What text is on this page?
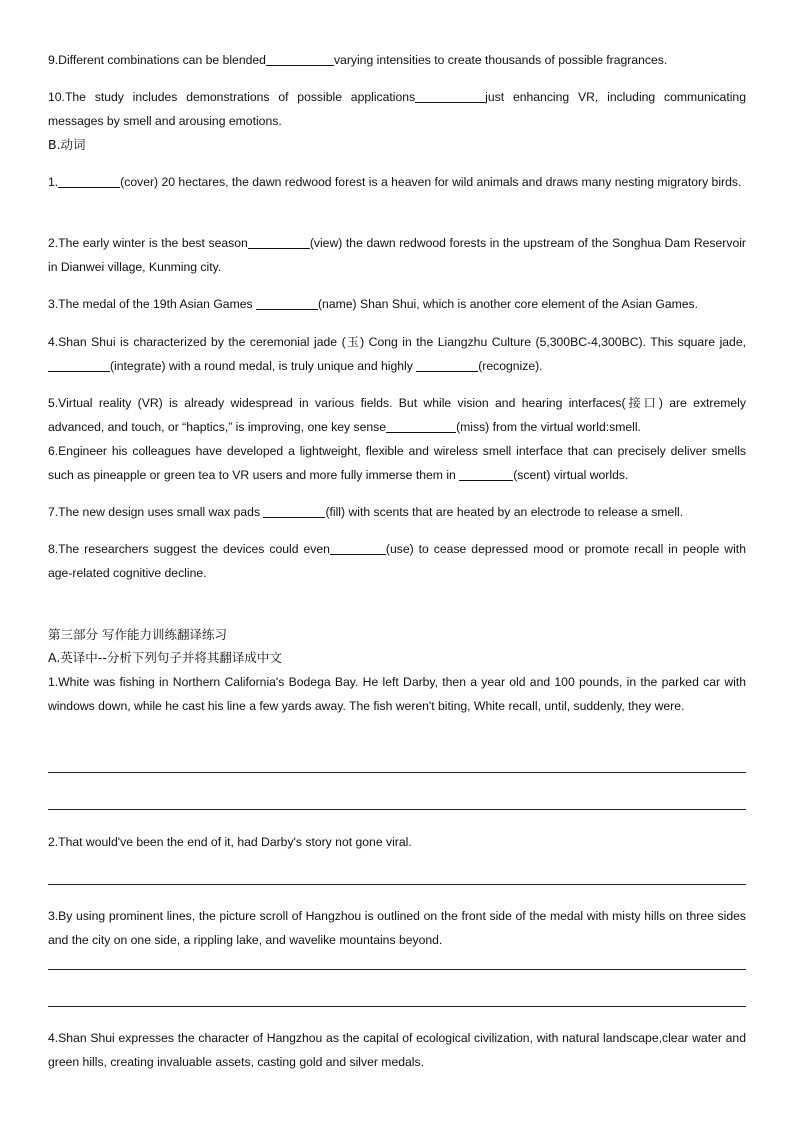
9.Different combinations can be blended	varying intensities to create thousands of possible fragrances.
10.The study includes demonstrations of possible applications	just enhancing VR, including communicating messages by smell and arousing emotions.
B.动词
1.	(cover) 20 hectares, the dawn redwood forest is a heaven for wild animals and draws many nesting migratory birds.
2.The early winter is the best season	(view) the dawn redwood forests in the upstream of the Songhua Dam Reservoir in Dianwei village, Kunming city.
3.The medal of the 19th Asian Games	(name) Shan Shui, which is another core element of the Asian Games.
4.Shan Shui is characterized by the ceremonial jade (玉) Cong in the Liangzhu Culture (5,300BC-4,300BC). This square jade, (integrate) with a round medal, is truly unique and highly	(recognize).
5.Virtual reality (VR) is already widespread in various fields. But while vision and hearing interfaces(接口) are extremely advanced, and touch, or “haptics,” is improving, one key sense	(miss) from the virtual world:smell.
6.Engineer his colleagues have developed a lightweight, flexible and wireless smell interface that can precisely deliver smells such as pineapple or green tea to VR users and more fully immerse them in	(scent) virtual worlds.
7.The new design uses small wax pads	(fill) with scents that are heated by an electrode to release a smell.
8.The researchers suggest the devices could even	(use) to cease depressed mood or promote recall in people with age-related cognitive decline.
第三部分 写作能力训练翻译练习
A.英译中--分析下列句子并将其翻译成中文
1.White was fishing in Northern California's Bodega Bay. He left Darby, then a year old and 100 pounds, in the parked car with windows down, while he cast his line a few yards away. The fish weren't biting, White recall, until, suddenly, they were.
2.That would've been the end of it, had Darby's story not gone viral.
3.By using prominent lines, the picture scroll of Hangzhou is outlined on the front side of the medal with misty hills on three sides and the city on one side, a rippling lake, and wavelike mountains beyond.
4.Shan Shui expresses the character of Hangzhou as the capital of ecological civilization, with natural landscape,clear water and green hills, creating invaluable assets, casting gold and silver medals.
